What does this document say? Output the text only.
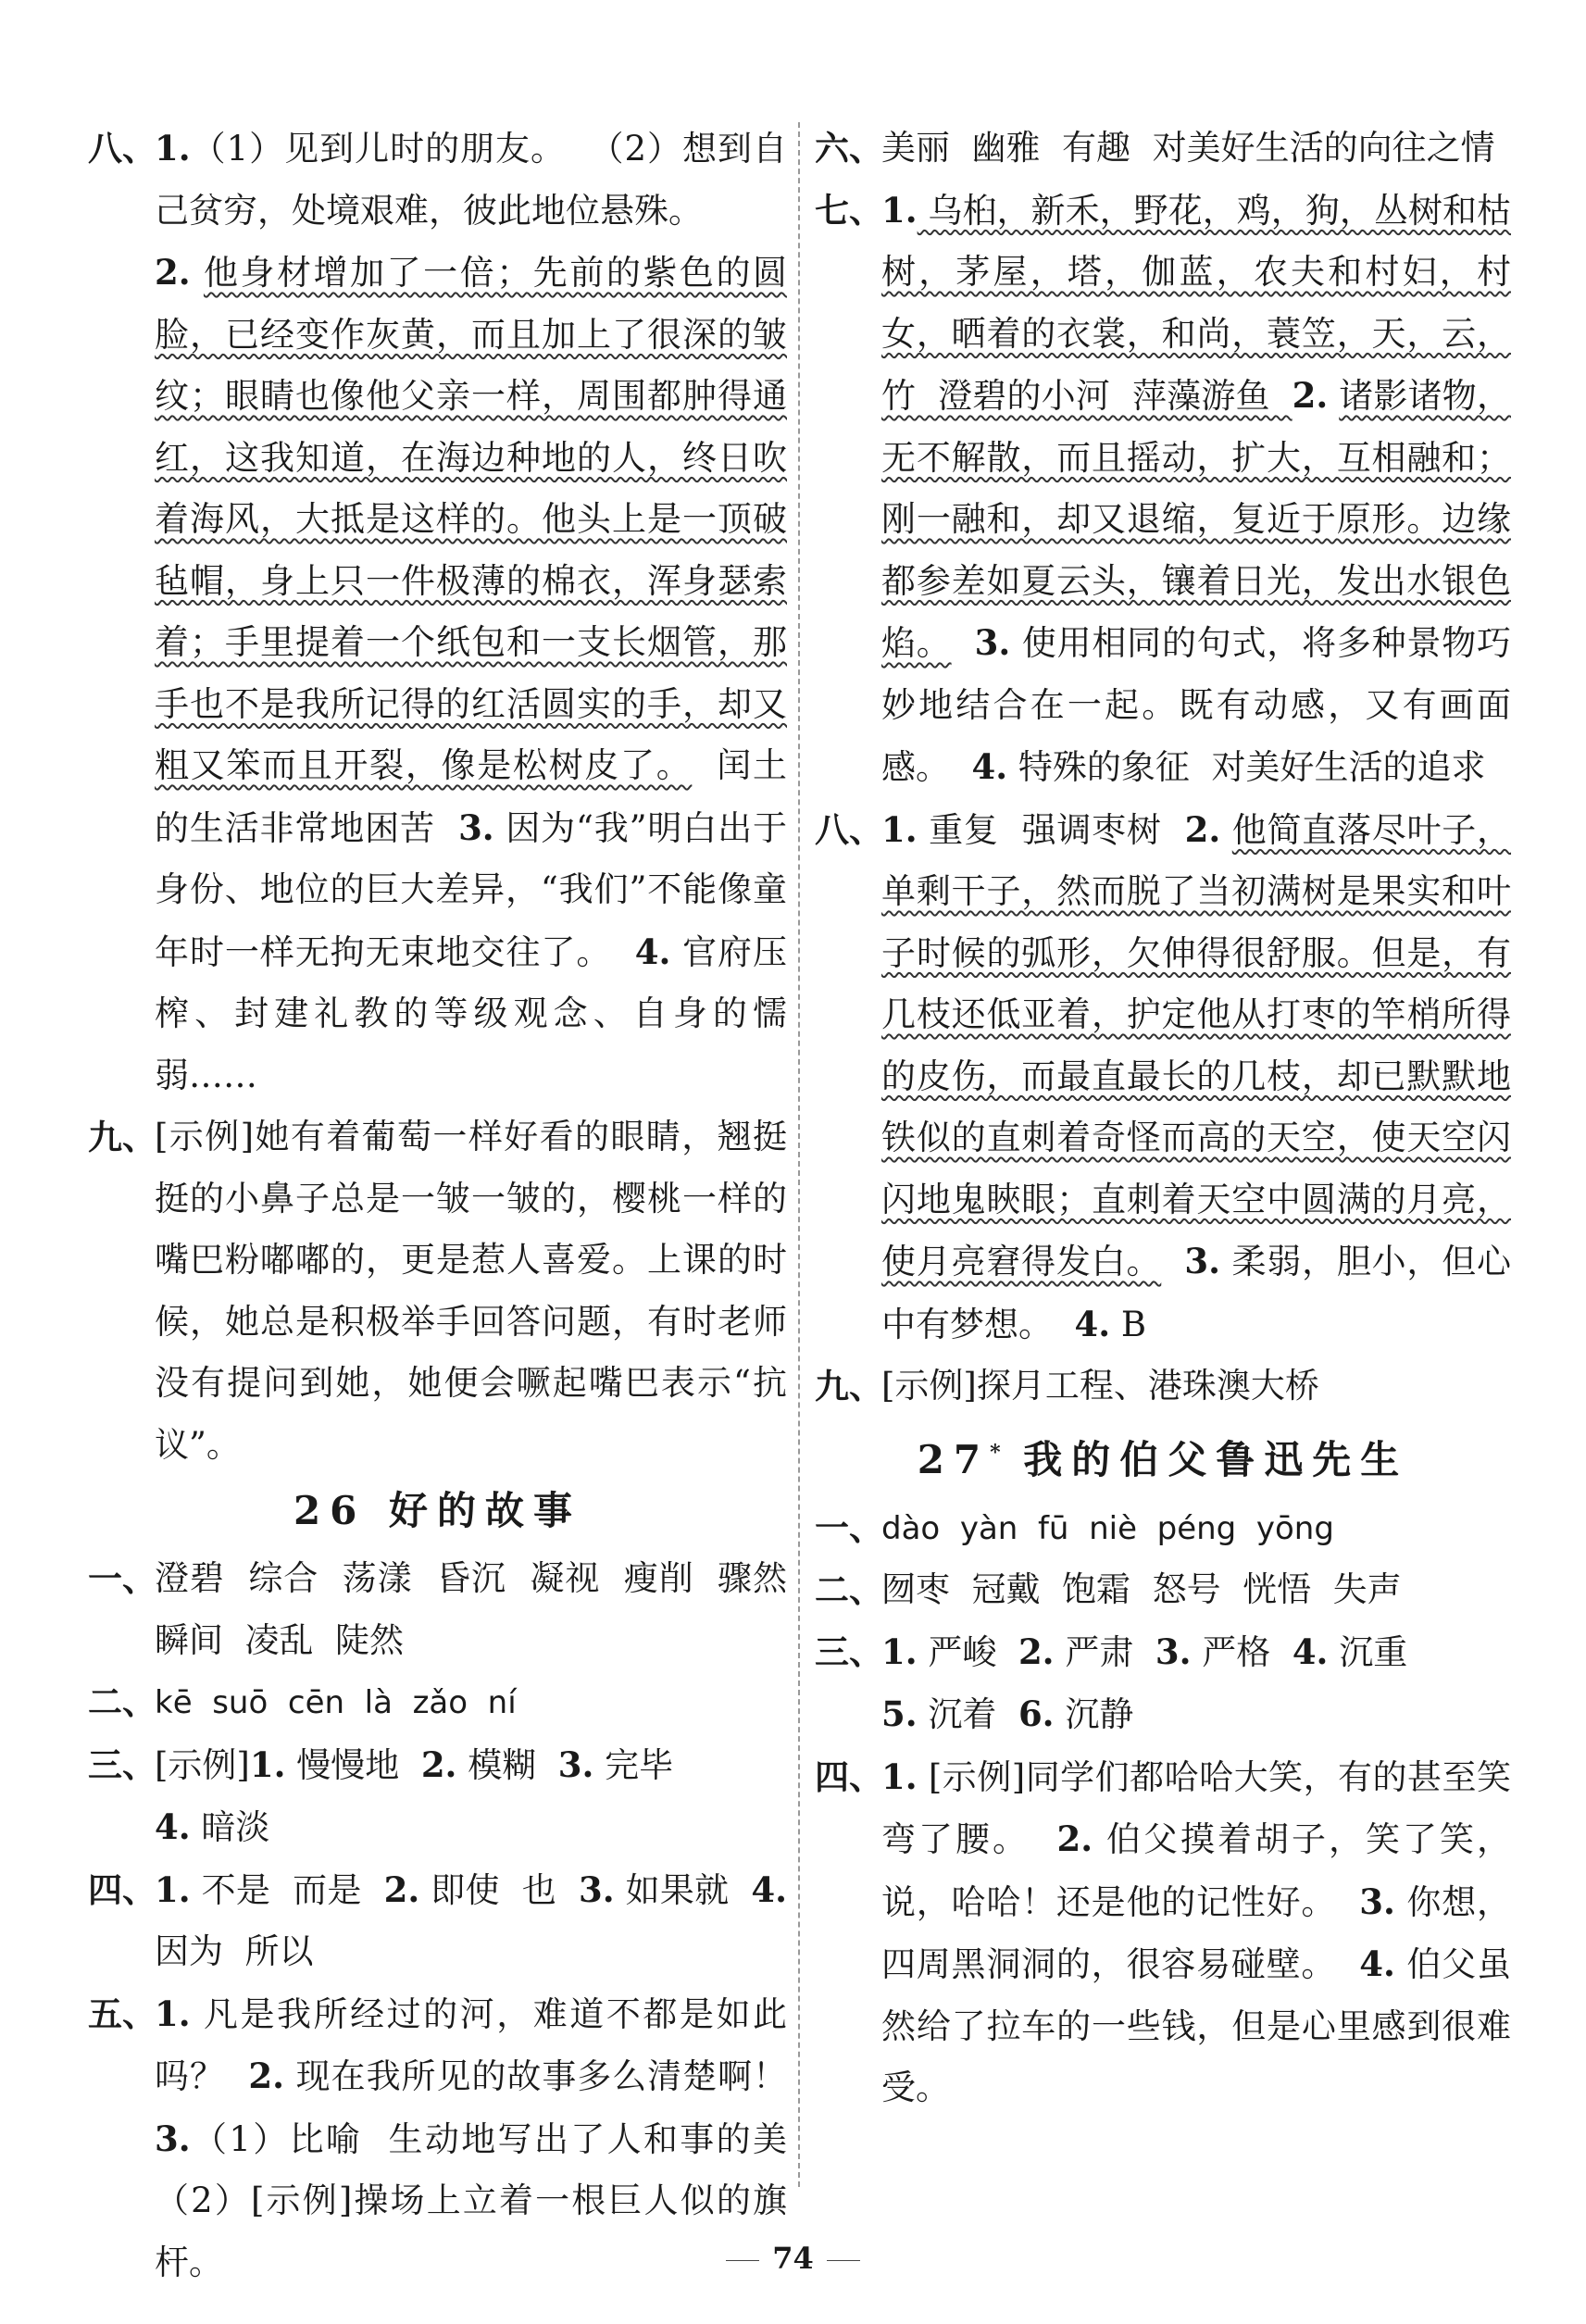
八、
1.（1）见到儿时的朋友。  （2）想到自己贫穷，处境艰难，彼此地位悬殊。
2. 他身材增加了一倍；先前的紫色的圆脸，已经变作灰黄，而且加上了很深的皱纹；眼睛也像他父亲一样，周围都肿得通红，这我知道，在海边种地的人，终日吹着海风，大抵是这样的。他头上是一顶破毡帽，身上只一件极薄的棉衣，浑身瑟索着；手里提着一个纸包和一支长烟管，那手也不是我所记得的红活圆实的手，却又粗又笨而且开裂，像是松树皮了。  闰土的生活非常地困苦  3. 因为“我”明白出于身份、地位的巨大差异，“我们”不能像童年时一样无拘无束地交往了。  4. 官府压榨、封建礼教的等级观念、自身的懦弱……
九、
[示例]她有着葡萄一样好看的眼睛，翘挺挺的小鼻子总是一皱一皱的，樱桃一样的嘴巴粉嘟嘟的，更是惹人喜爱。上课的时候，她总是积极举手回答问题，有时老师没有提问到她，她便会噘起嘴巴表示“抗议”。
26 好的故事
一、
澄碧  综合  荡漾  昏沉  凝视  瘦削  骤然  瞬间  凌乱  陡然
二、
kē  suō  cēn  là  zǎo  ní
三、
[示例]1. 慢慢地  2. 模糊  3. 完毕
4. 暗淡
四、
1. 不是  而是  2. 即使  也  3. 如果就  4. 因为  所以
五、
1. 凡是我所经过的河，难道不都是如此吗？  2. 现在我所见的故事多么清楚啊！  3.（1）比喻  生动地写出了人和事的美  （2）[示例]操场上立着一根巨人似的旗杆。
六、
美丽  幽雅  有趣  对美好生活的向往之情
七、
1. 乌桕，新禾，野花，鸡，狗，丛树和枯树，茅屋，塔，伽蓝，农夫和村妇，村女，晒着的衣裳，和尚，蓑笠，天，云，竹  澄碧的小河  萍藻游鱼  2. 诸影诸物，无不解散，而且摇动，扩大，互相融和；刚一融和，却又退缩，复近于原形。边缘都参差如夏云头，镶着日光，发出水银色焰。 3. 使用相同的句式，将多种景物巧妙地结合在一起。既有动感，又有画面感。  4. 特殊的象征  对美好生活的追求
八、
1. 重复  强调枣树  2. 他简直落尽叶子，单剩干子，然而脱了当初满树是果实和叶子时候的弧形，欠伸得很舒服。但是，有几枝还低亚着，护定他从打枣的竿梢所得的皮伤，而最直最长的几枝，却已默默地铁似的直刺着奇怪而高的天空，使天空闪闪地鬼䀹眼；直刺着天空中圆满的月亮，使月亮窘得发白。 3. 柔弱，胆小，但心中有梦想。  4. B
九、
[示例]探月工程、港珠澳大桥
27* 我的伯父鲁迅先生
一、
dào  yàn  fū  niè  péng  yōng
二、
囫枣  冠戴  饱霜  怒号  恍悟  失声
三、
1. 严峻  2. 严肃  3. 严格  4. 沉重
5. 沉着  6. 沉静
四、
1. [示例]同学们都哈哈大笑，有的甚至笑弯了腰。  2. 伯父摸着胡子，笑了笑，说，哈哈！还是他的记性好。  3. 你想，四周黑洞洞的，很容易碰壁。  4. 伯父虽然给了拉车的一些钱，但是心里感到很难受。
74
